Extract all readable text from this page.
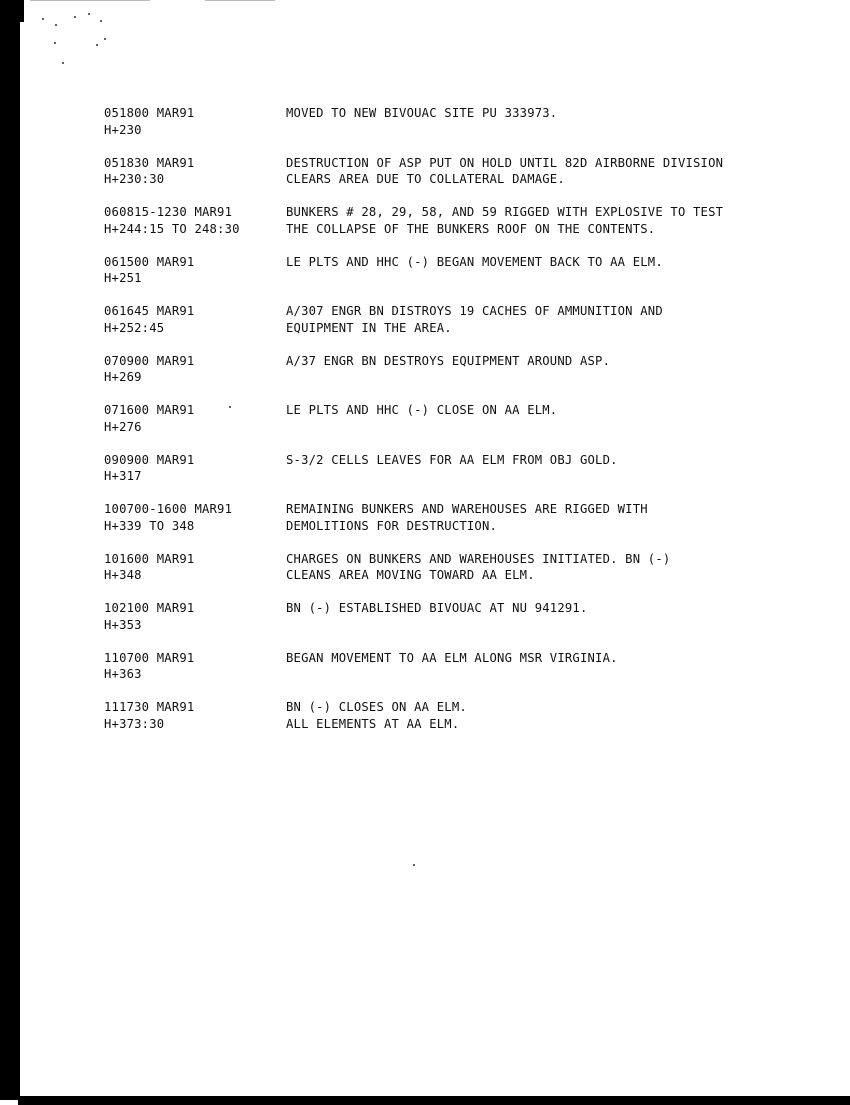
051800 MAR91
H+230
MOVED TO NEW BIVOUAC SITE PU 333973.
051830 MAR91
H+230:30
DESTRUCTION OF ASP PUT ON HOLD UNTIL 82D AIRBORNE DIVISION
CLEARS AREA DUE TO COLLATERAL DAMAGE.
060815-1230 MAR91
H+244:15 TO 248:30
BUNKERS # 28, 29, 58, AND 59 RIGGED WITH EXPLOSIVE TO TEST
THE COLLAPSE OF THE BUNKERS ROOF ON THE CONTENTS.
061500 MAR91
H+251
LE PLTS AND HHC (-) BEGAN MOVEMENT BACK TO AA ELM.
061645 MAR91
H+252:45
A/307 ENGR BN DISTROYS 19 CACHES OF AMMUNITION AND
EQUIPMENT IN THE AREA.
070900 MAR91
H+269
A/37 ENGR BN DESTROYS EQUIPMENT AROUND ASP.
071600 MAR91
H+276
LE PLTS AND HHC (-) CLOSE ON AA ELM.
090900 MAR91
H+317
S-3/2 CELLS LEAVES FOR AA ELM FROM OBJ GOLD.
100700-1600 MAR91
H+339 TO 348
REMAINING BUNKERS AND WAREHOUSES ARE RIGGED WITH
DEMOLITIONS FOR DESTRUCTION.
101600 MAR91
H+348
CHARGES ON BUNKERS AND WAREHOUSES INITIATED. BN (-)
CLEANS AREA MOVING TOWARD AA ELM.
102100 MAR91
H+353
BN (-) ESTABLISHED BIVOUAC AT NU 941291.
110700 MAR91
H+363
BEGAN MOVEMENT TO AA ELM ALONG MSR VIRGINIA.
111730 MAR91
H+373:30
BN (-) CLOSES ON AA ELM.
ALL ELEMENTS AT AA ELM.
